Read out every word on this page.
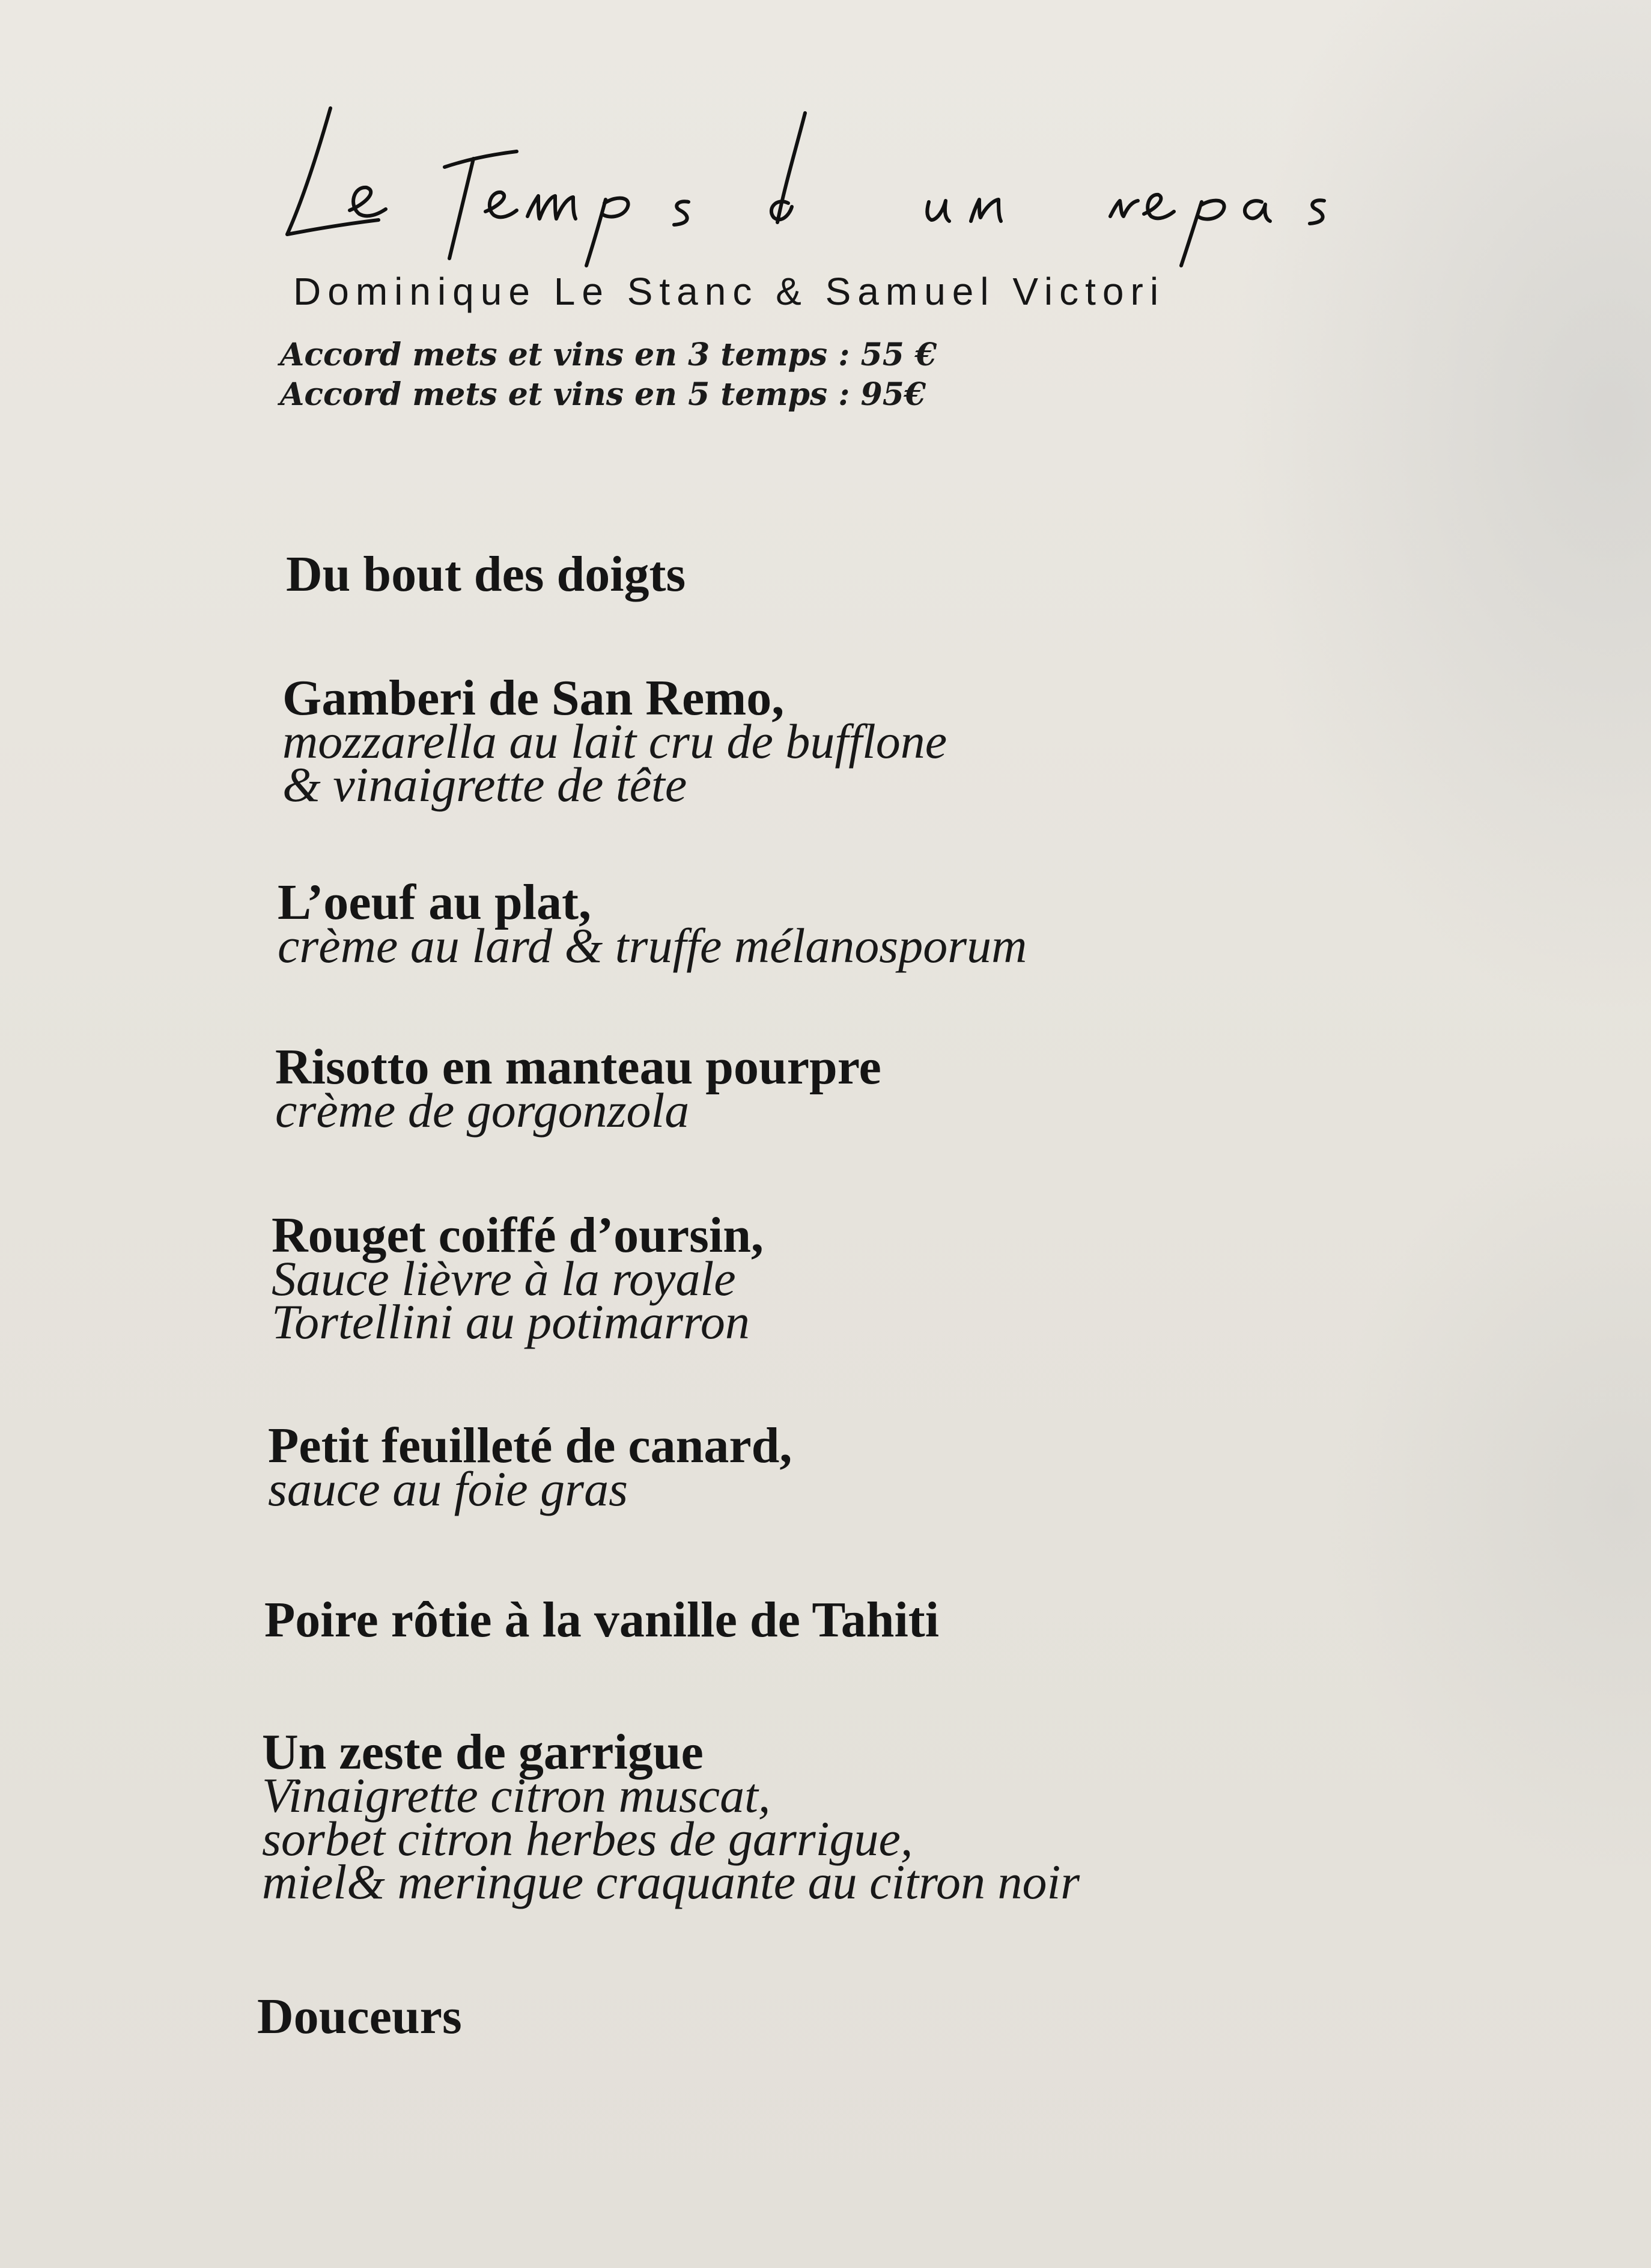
Dominique Le Stanc & Samuel Victori
Accord mets et vins en 3 temps : 55 €
Accord mets et vins en 5 temps : 95€
Du bout des doigts
Gamberi de San Remo,
mozzarella au lait cru de bufflone
& vinaigrette de tête
L’oeuf au plat,
crème au lard & truffe mélanosporum
Risotto en manteau pourpre
crème de gorgonzola
Rouget coiffé d’oursin,
Sauce lièvre à la royale
Tortellini au potimarron
Petit feuilleté de canard,
sauce au foie gras
Poire rôtie à la vanille de Tahiti
Un zeste de garrigue
Vinaigrette citron muscat,
sorbet citron herbes de garrigue,
miel& meringue craquante au citron noir
Douceurs
